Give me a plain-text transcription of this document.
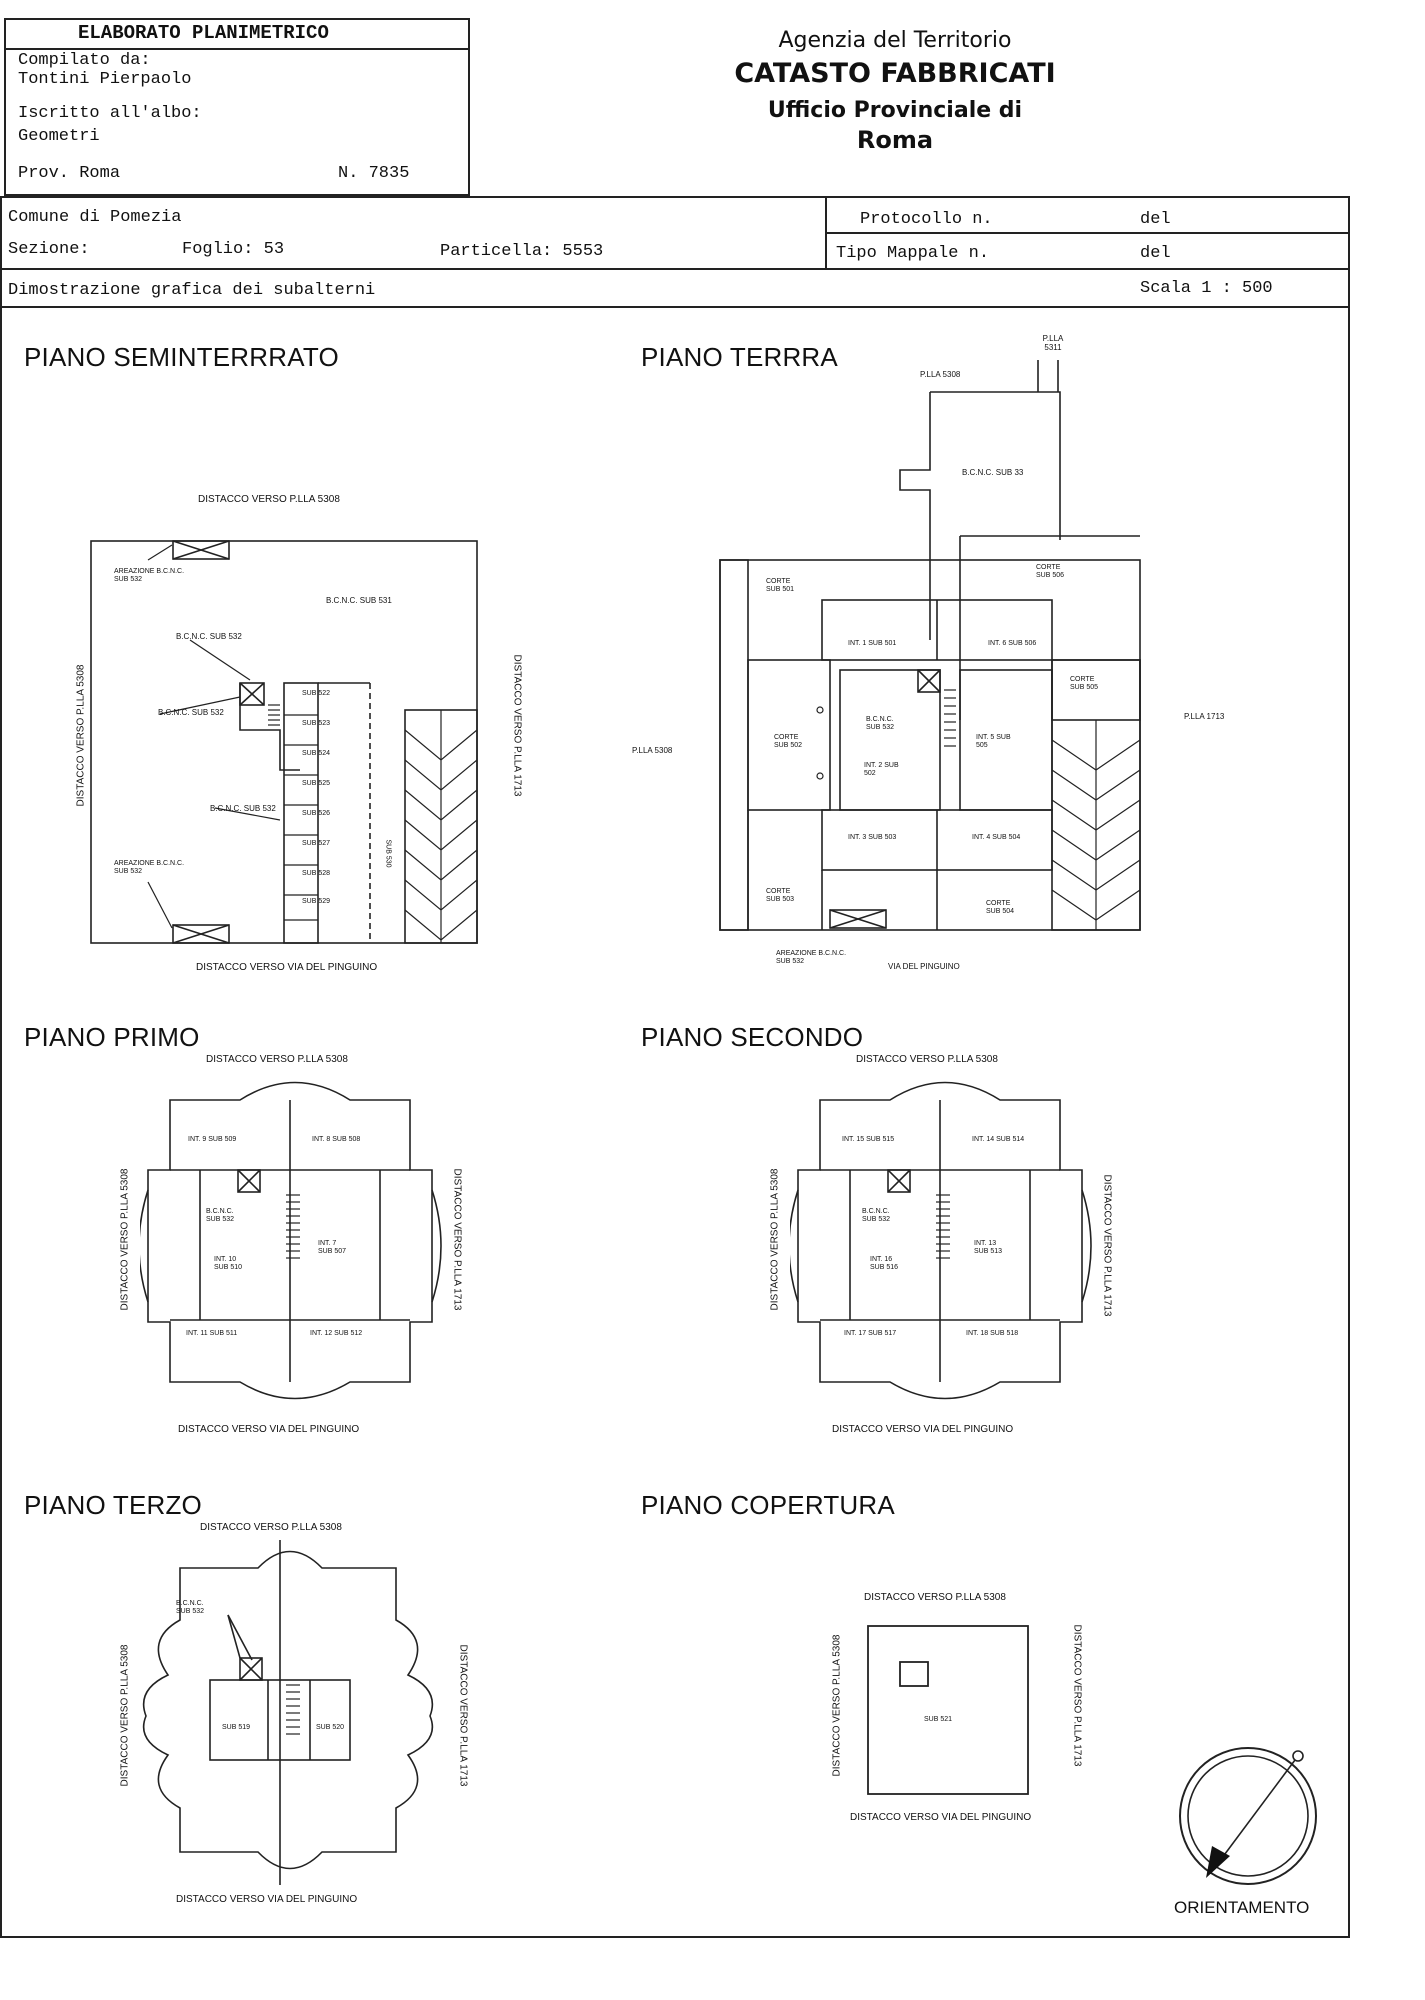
ELABORATO PLANIMETRICO
Compilato da:
Tontini Pierpaolo
Iscritto all'albo:
Geometri
Prov. Roma	N. 7835
Agenzia del Territorio
CATASTO FABBRICATI
Ufficio Provinciale di
Roma
Comune di Pomezia
Sezione:	Foglio: 53	Particella: 5553
Protocollo n.
Tipo Mappale n.
del
del
Dimostrazione grafica dei subalterni	Scala 1 : 500
PIANO SEMINTERRRATO	PIANO TERRRA
PIANO PRIMO	PIANO SECONDO
PIANO TERZO	PIANO COPERTURA
DISTACCO VERSO P.LLA 5308
DISTACCO VERSO VIA DEL PINGUINO
DISTACCO VERSO P.LLA 5308	DISTACCO VERSO P.LLA 1713
AREAZIONE B.C.N.C. SUB 532
B.C.N.C. SUB 531
B.C.N.C. SUB 532
B.C.N.C. SUB 532
B.C.N.C. SUB 532
AREAZIONE B.C.N.C. SUB 532
SUB 522
SUB 523
SUB 524
SUB 525
SUB 526
SUB 527
SUB 528
SUB 529
SUB 530
P.LLA 5311
P.LLA 5308
B.C.N.C. SUB 33
CORTE SUB 501
CORTE SUB 506
INT. 1 SUB 501	INT. 6 SUB 506
CORTE SUB 505
P.LLA 1713
CORTE SUB 502
B.C.N.C. SUB 532
INT. 2 SUB 502
INT. 5 SUB 505
P.LLA 5308
INT. 3 SUB 503	INT. 4 SUB 504
CORTE SUB 503
CORTE SUB 504
AREAZIONE B.C.N.C. SUB 532
VIA DEL PINGUINO
DISTACCO VERSO P.LLA 5308
DISTACCO VERSO VIA DEL PINGUINO
DISTACCO VERSO P.LLA 5308	DISTACCO VERSO P.LLA 1713
INT. 9 SUB 509	INT. 8 SUB 508
B.C.N.C. SUB 532
INT. 10 SUB 510
INT. 7 SUB 507
INT. 11 SUB 511	INT. 12 SUB 512
DISTACCO VERSO P.LLA 5308
DISTACCO VERSO VIA DEL PINGUINO
DISTACCO VERSO P.LLA 5308	DISTACCO VERSO P.LLA 1713
INT. 15 SUB 515	INT. 14 SUB 514
B.C.N.C. SUB 532
INT. 16 SUB 516
INT. 13 SUB 513
INT. 17 SUB 517	INT. 18 SUB 518
DISTACCO VERSO P.LLA 5308
DISTACCO VERSO VIA DEL PINGUINO
DISTACCO VERSO P.LLA 5308	DISTACCO VERSO P.LLA 1713
B.C.N.C. SUB 532
SUB 519	SUB 520
DISTACCO VERSO P.LLA 5308
DISTACCO VERSO VIA DEL PINGUINO
DISTACCO VERSO P.LLA 5308	DISTACCO VERSO P.LLA 1713
SUB 521
ORIENTAMENTO
